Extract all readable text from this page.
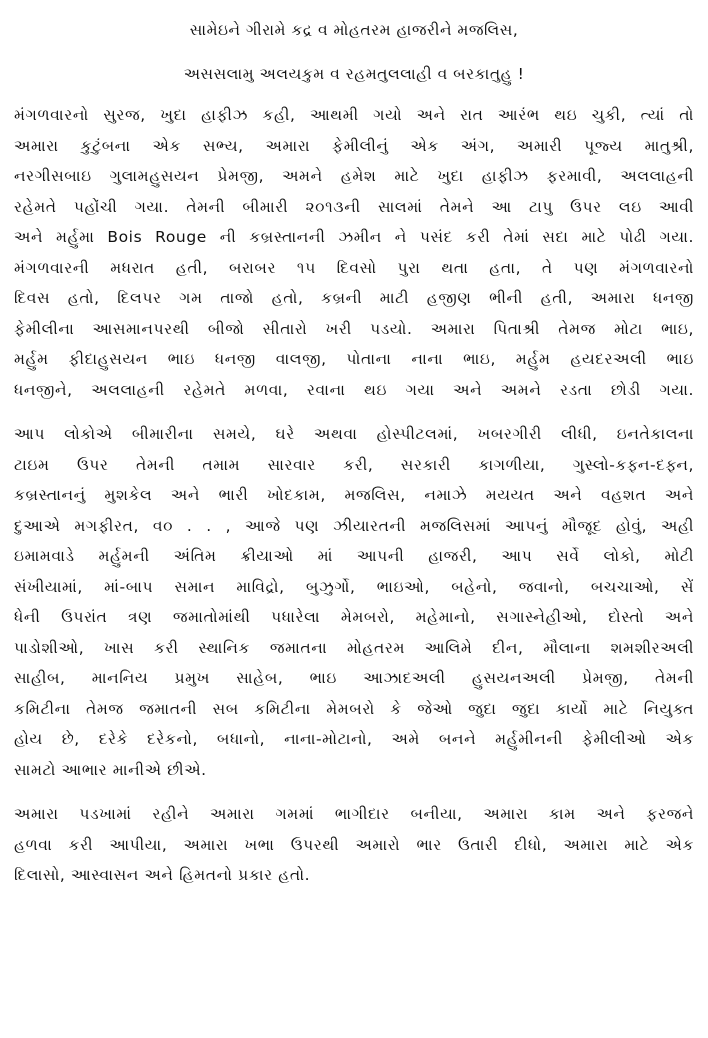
સામેઇને ગીરામે કદ્ર વ મોહતરમ હાજરીને મજલિસ,

અસસલામુ અલયકુમ વ રહમતુલલાહી વ બરકાતુહુ !

મંગળવારનો સુરજ, ખુદા હાફીઝ કહી, આથમી ગયો અને રાત આરંભ થઇ ચુકી, ત્યાં તો
અમારા કુટુંબના એક સભ્ય, અમારા ફેમીલીનું એક અંગ, અમારી પૂજ્ય માતુશ્રી,
નરગીસબાઇ ગુલામહુસયન પ્રેમજી, અમને હમેશ માટે ખુદા હાફીઝ ફરમાવી, અલલાહની
રહેમતે પહોંચી ગયા. તેમની બીમારી ૨૦૧૩ની સાલમાં તેમને આ ટાપુ ઉપર લઇ આવી
અને મર્હુમા Bois Rouge ની કબ્રસ્તાનની ઝમીન ને પસંદ કરી તેમાં સદા માટે પોઢી ગયા.
મંગળવારની મધરાત હતી, બરાબર ૧૫ દિવસો પુરા થતા હતા, તે પણ મંગળવારનો
દિવસ હતો, દિલપર ગમ તાજો હતો, કબ્રની માટી હજીણ ભીની હતી, અમારા ધનજી
ફેમીલીના આસમાનપરથી બીજો સીતારો ખરી પડયો. અમારા પિતાશ્રી તેમજ મોટા ભાઇ,
મર્હુમ ફીદાહુસયન ભાઇ ધનજી વાલજી, પોતાના નાના ભાઇ, મર્હુમ હયદરઅલી ભાઇ
ધનજીને, અલલાહની રહેમતે મળવા, રવાના થઇ ગયા અને અમને રડતા છોડી ગયા.
આપ લોકોએ બીમારીના સમયે, ઘરે અથવા હોસ્પીટલમાં, ખબરગીરી લીધી, ઇનતેકાલના
ટાઇમ ઉપર તેમની તમામ સારવાર કરી, સરકારી કાગળીયા, ગુસ્લો-કફ્ન-દફ્ન,
કબ્રસ્તાનનું મુશકેલ અને ભારી ખોદકામ, મજલિસ, નમાઝે મયયત અને વહશત અને
દુઆએ મગફીરત, વ૦ . . , આજે પણ ઝીયારતની મજલિસમાં આપનું મૌજૂદ હોવું, અહી
ઇમામવાડે મર્હુમની અંતિમ ક્રીયાઓ માં આપની હાજરી, આપ સર્વે લોકો, મોટી
સંખીયામાં, માં-બાપ સમાન માવિદ્રો, બુઝુર્ગો, ભાઇઓ, બહેનો, જવાનો, બચચાઓ, સેં
ધેની ઉપરાંત ત્રણ જમાતોમાંથી પધારેલા મેમબરો, મહેમાનો, સગાસ્નેહીઓ, દોસ્તો અને
પાડોશીઓ, ખાસ કરી સ્થાનિક જમાતના મોહતરમ આલિમે દીન, મૌલાના શમશીરઅલી
સાહીબ, માનનિય પ્રમુખ સાહેબ, ભાઇ આઝાદઅલી હુસયનઅલી પ્રેમજી, તેમની
કમિટીના તેમજ જમાતની સબ કમિટીના મેમબરો કે જેઓ જુદા જુદા કાર્યો માટે નિયુક્ત
હોય છે, દરેકે દરેકનો, બધાનો, નાના-મોટાનો, અમે બનને મર્હુમીનની ફેમીલીઓ એક
સામટો આભાર માનીએ છીએ.
અમારા પડખામાં રહીને અમારા ગમમાં ભાગીદાર બનીયા, અમારા કામ અને ફરજને
હળવા કરી આપીયા, અમારા ખભા ઉપરથી અમારો ભાર ઉતારી દીધો, અમારા માટે એક
દિલાસો, આસ્વાસન અને હિમતનો પ્રકાર હતો.
